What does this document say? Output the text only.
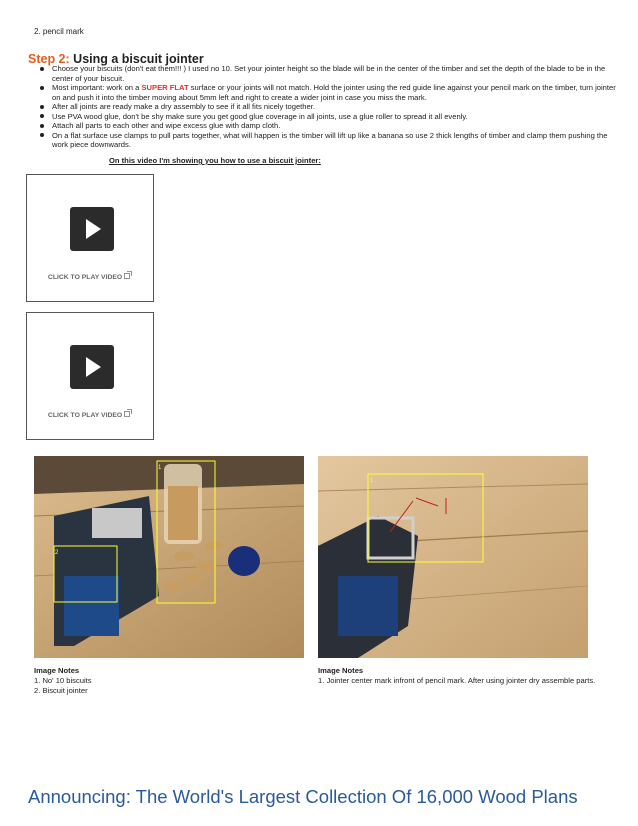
2. pencil mark
Step 2: Using a biscuit jointer
Choose your biscuits (don't eat them!!! ) I used no 10. Set your jointer height so the blade will be in the center of the timber and set the depth of the blade to be in the center of your biscuit.
Most important: work on a SUPER FLAT surface or your joints will not match. Hold the jointer using the red guide line against your pencil mark on the timber, turn jointer on and push it into the timber moving about 5mm left and right to create a wider joint in case you miss the mark.
After all joints are ready make a dry assembly to see if it all fits nicely together.
Use PVA wood glue, don't be shy make sure you get good glue coverage in all joints, use a glue roller to spread it all evenly.
Attach all parts to each other and wipe excess glue with damp cloth.
On a flat surface use clamps to pull parts together, what will happen is the timber will lift up like a banana so use 2 thick lengths of timber and clamp them pushing the work piece downwards.
On this video I'm showing you how to use a biscuit jointer:
CLICK TO PLAY VIDEO
CLICK TO PLAY VIDEO
1
2
1
Image Notes
1. No' 10 biscuits
2. Biscuit jointer
Image Notes
1. Jointer center mark infront of pencil mark. After using jointer dry assemble parts.
Announcing: The World's Largest Collection Of 16,000 Wood Plans
